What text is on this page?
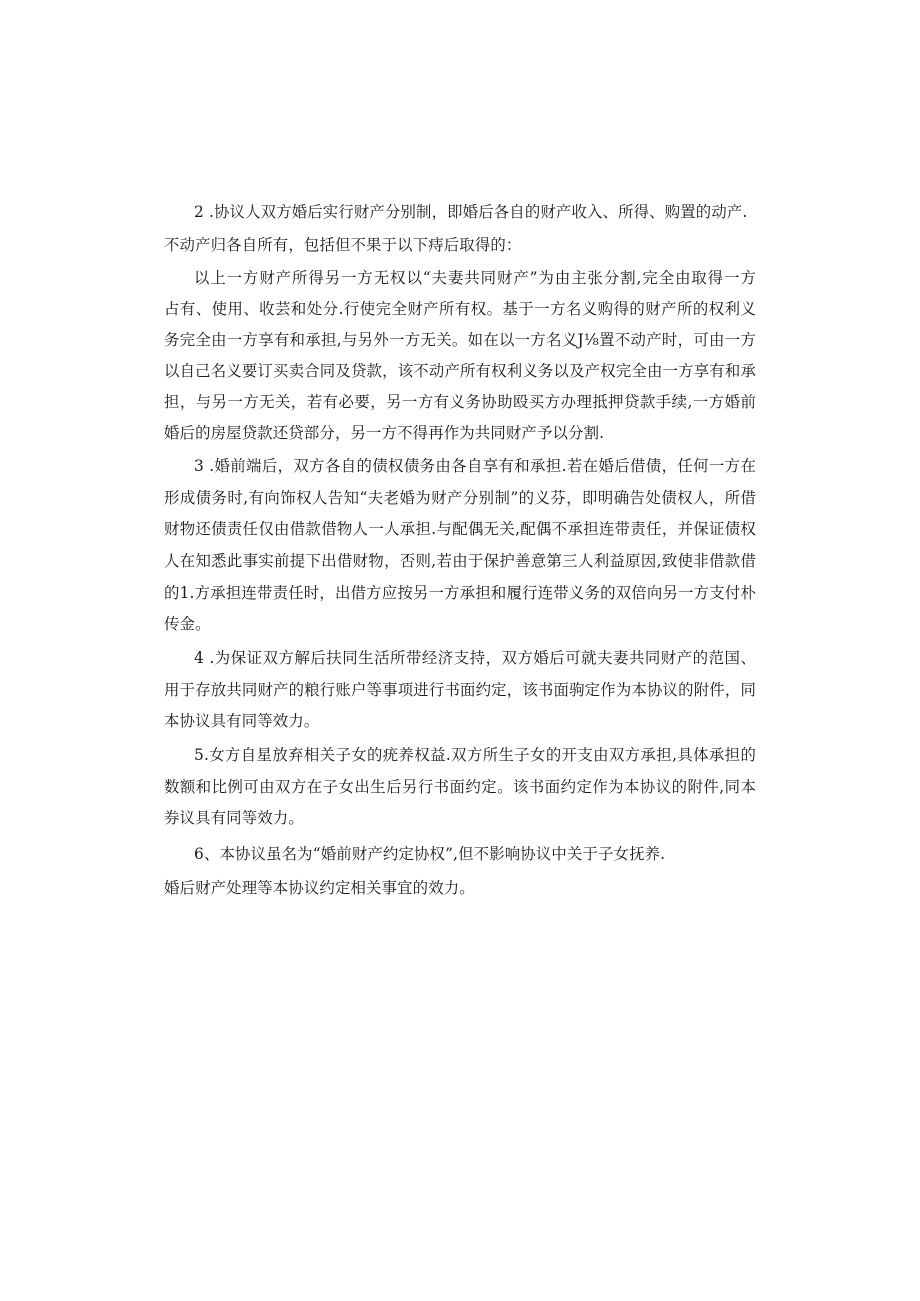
2 .协议人双方婚后实行财产分别制，即婚后各自的财产收入、所得、购置的动产.
不动产归各自所有，包括但不果于以下痔后取得的：
以上一方财产所得另一方无权以“夫妻共同财产”为由主张分割,完全由取得一方
占有、使用、收芸和处分.行使完全财产所有权。基于一方名义购得的财产所的权利义
务完全由一方享有和承担,与另外一方无关。如在以一方名义J⅛置不动产时，可由一方
以自己名义要订买卖合同及贷款，该不动产所有权利义务以及产权完全由一方享有和承
担，与另一方无关，若有必要，另一方有义务协助殴买方办理抵押贷款手续,一方婚前
婚后的房屋贷款还贷部分，另一方不得再作为共同财产予以分割.
3 .婚前端后，双方各自的债权债务由各自享有和承担.若在婚后借债，任何一方在
形成债务时,有向饰权人告知“夫老婚为财产分别制”的义芬，即明确告处债权人，所借
财物还债责任仅由借款借物人一人承担.与配偶无关,配偶不承担连带责任，并保证债权
人在知悉此事实前提下出借财物，否则,若由于保护善意第三人利益原因,致使非借款借
的1.方承担连带责任时，出借方应按另一方承担和履行连带义务的双倍向另一方支付朴
传金。
4 .为保证双方解后扶同生活所带经济支持，双方婚后可就夫妻共同财产的范国、
用于存放共同财产的粮行账户等事项进行书面约定，该书面驹定作为本协议的附件，同
本协议具有同等效力。
5.女方自星放弃相关子女的疣养权益.双方所生子女的开支由双方承担,具体承担的
数额和比例可由双方在子女出生后另行书面约定。该书面约定作为本协议的附件,同本
券议具有同等效力。
6、本协议虽名为“婚前财产约定协权”,但不影响协议中关于子女抚养.
婚后财产处理等本协议约定相关事宜的效力。
